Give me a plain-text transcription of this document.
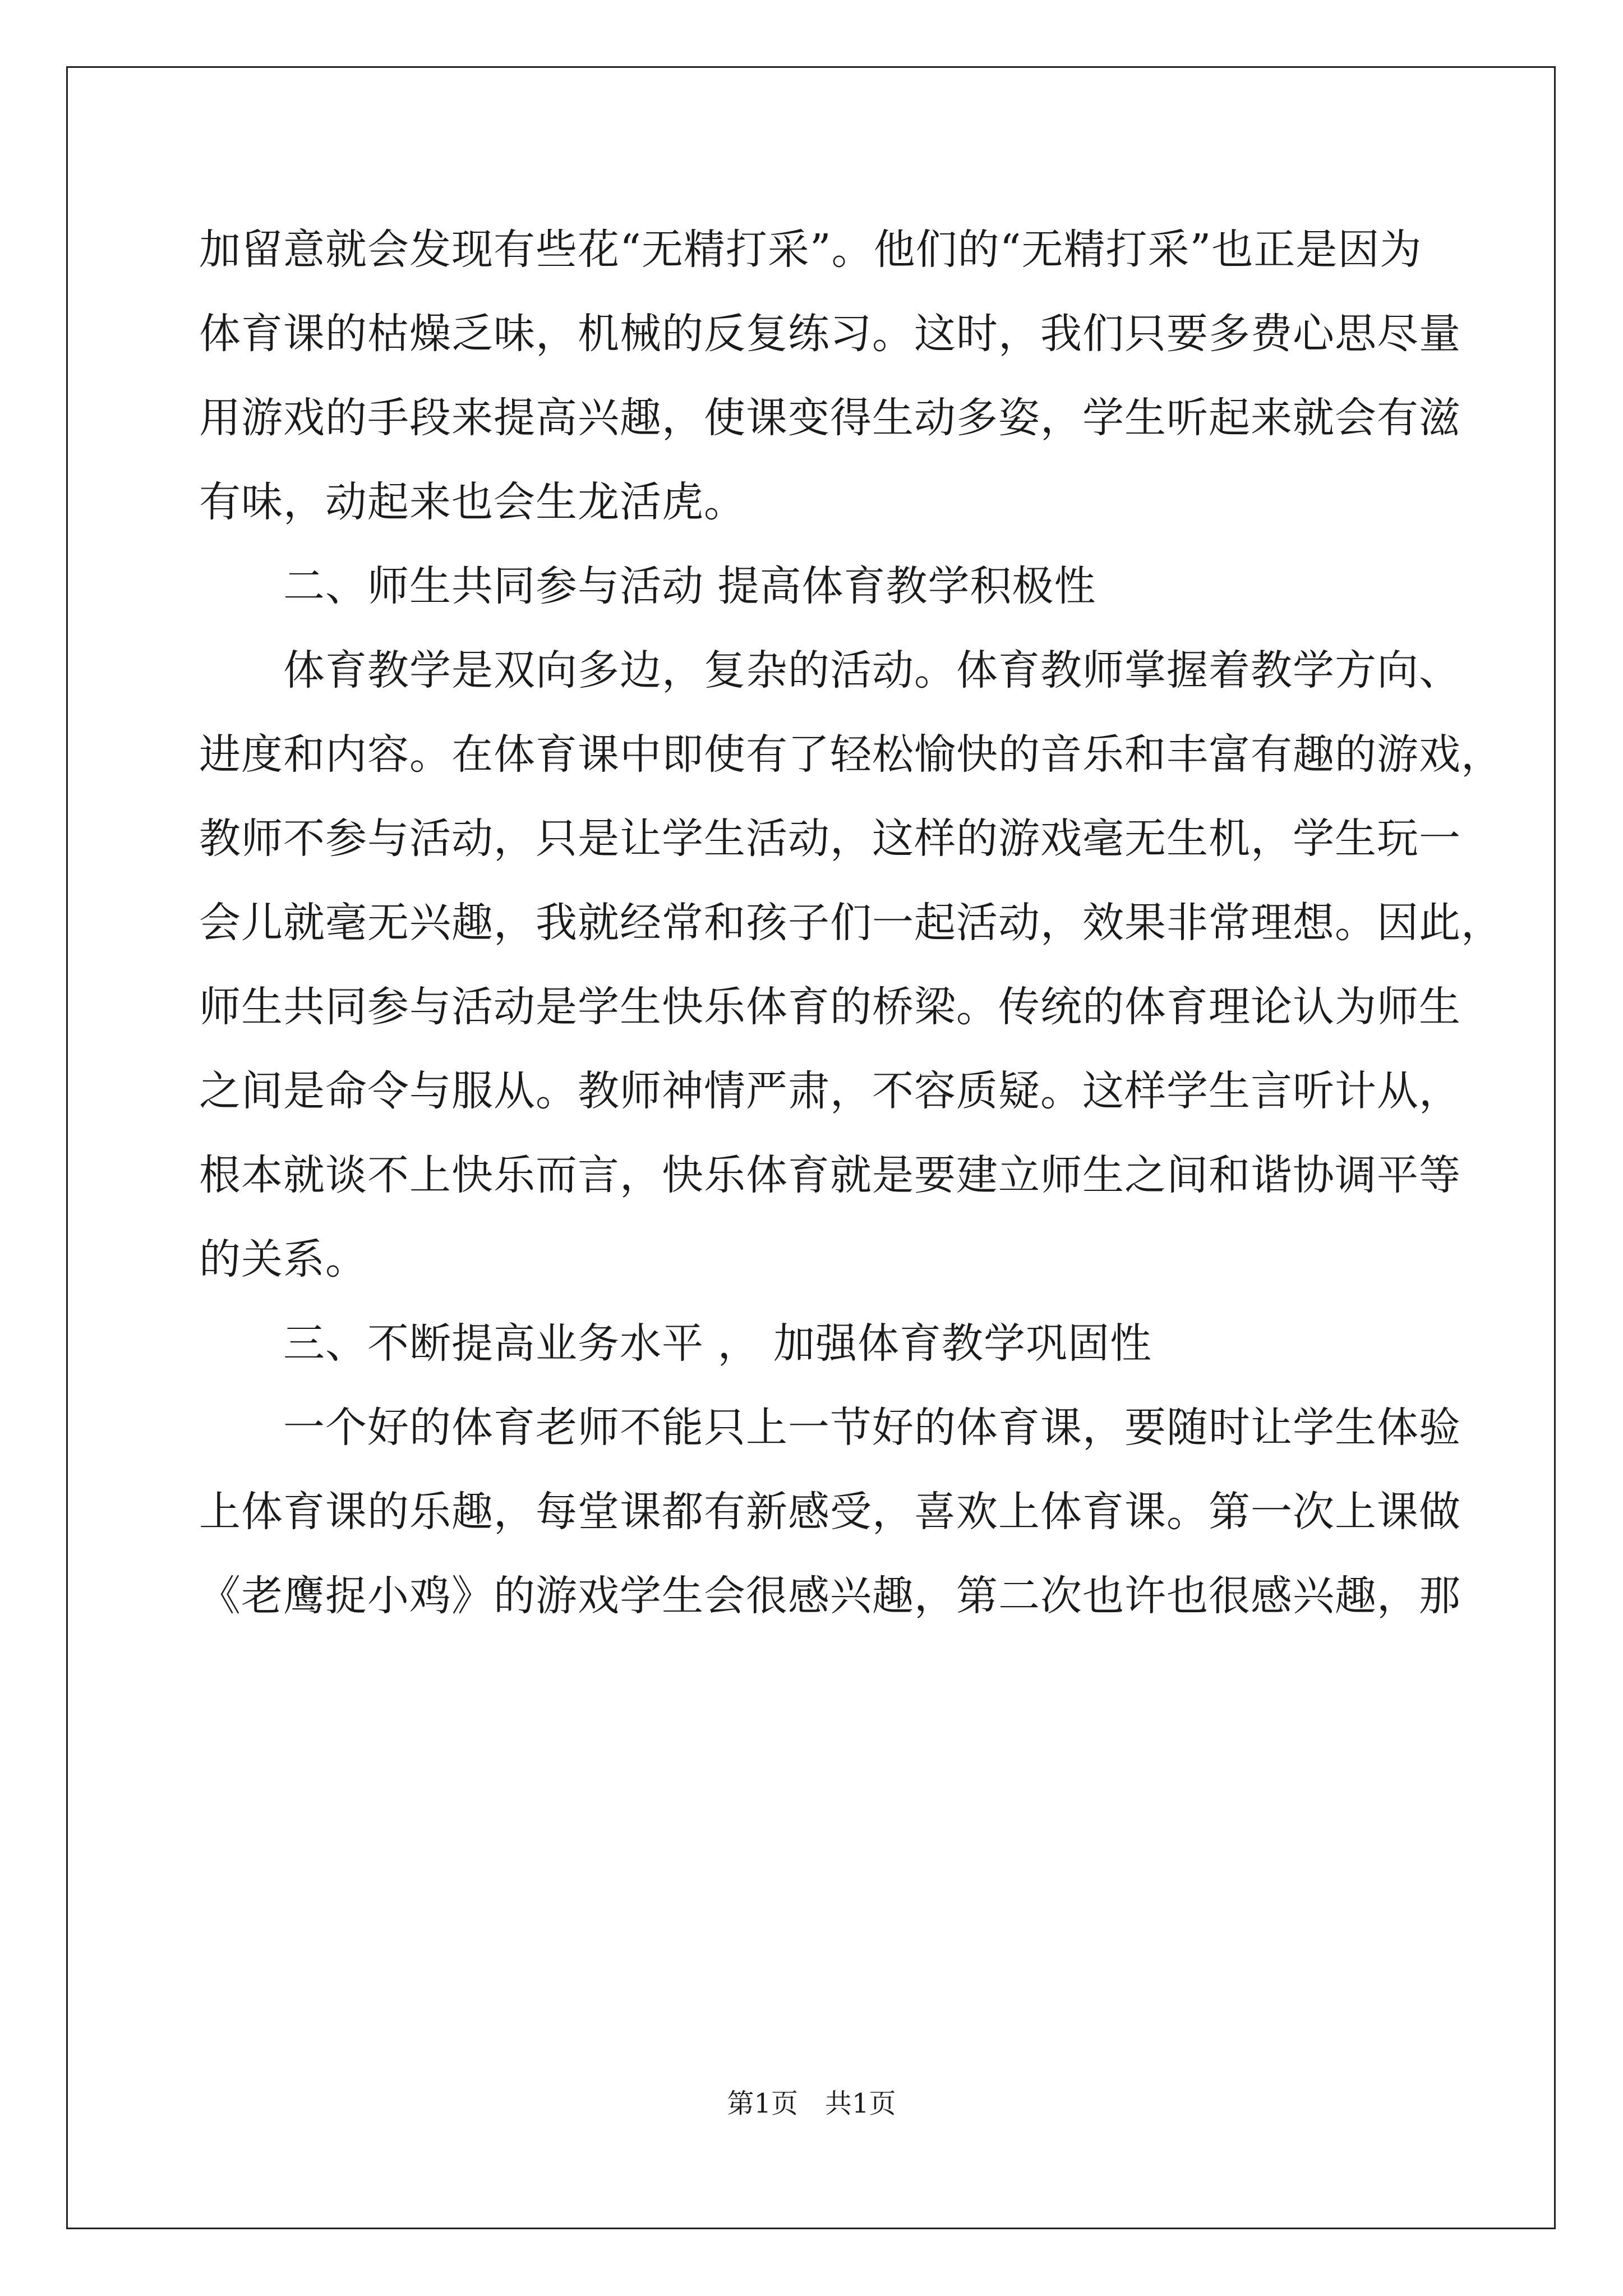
加留意就会发现有些花“无精打采”。他们的“无精打采”也正是因为
体育课的枯燥乏味，机械的反复练习。这时，我们只要多费心思尽量
用游戏的手段来提高兴趣，使课变得生动多姿，学生听起来就会有滋
有味，动起来也会生龙活虎。
二、师生共同参与活动 提高体育教学积极性
体育教学是双向多边，复杂的活动。体育教师掌握着教学方向、
进度和内容。在体育课中即使有了轻松愉快的音乐和丰富有趣的游戏，
教师不参与活动，只是让学生活动，这样的游戏毫无生机，学生玩一
会儿就毫无兴趣，我就经常和孩子们一起活动，效果非常理想。因此，
师生共同参与活动是学生快乐体育的桥梁。传统的体育理论认为师生
之间是命令与服从。教师神情严肃，不容质疑。这样学生言听计从，
根本就谈不上快乐而言，快乐体育就是要建立师生之间和谐协调平等
的关系。
三、不断提高业务水平 ， 加强体育教学巩固性
一个好的体育老师不能只上一节好的体育课，要随时让学生体验
上体育课的乐趣，每堂课都有新感受，喜欢上体育课。第一次上课做
《老鹰捉小鸡》的游戏学生会很感兴趣，第二次也许也很感兴趣，那
第1页 共1页
